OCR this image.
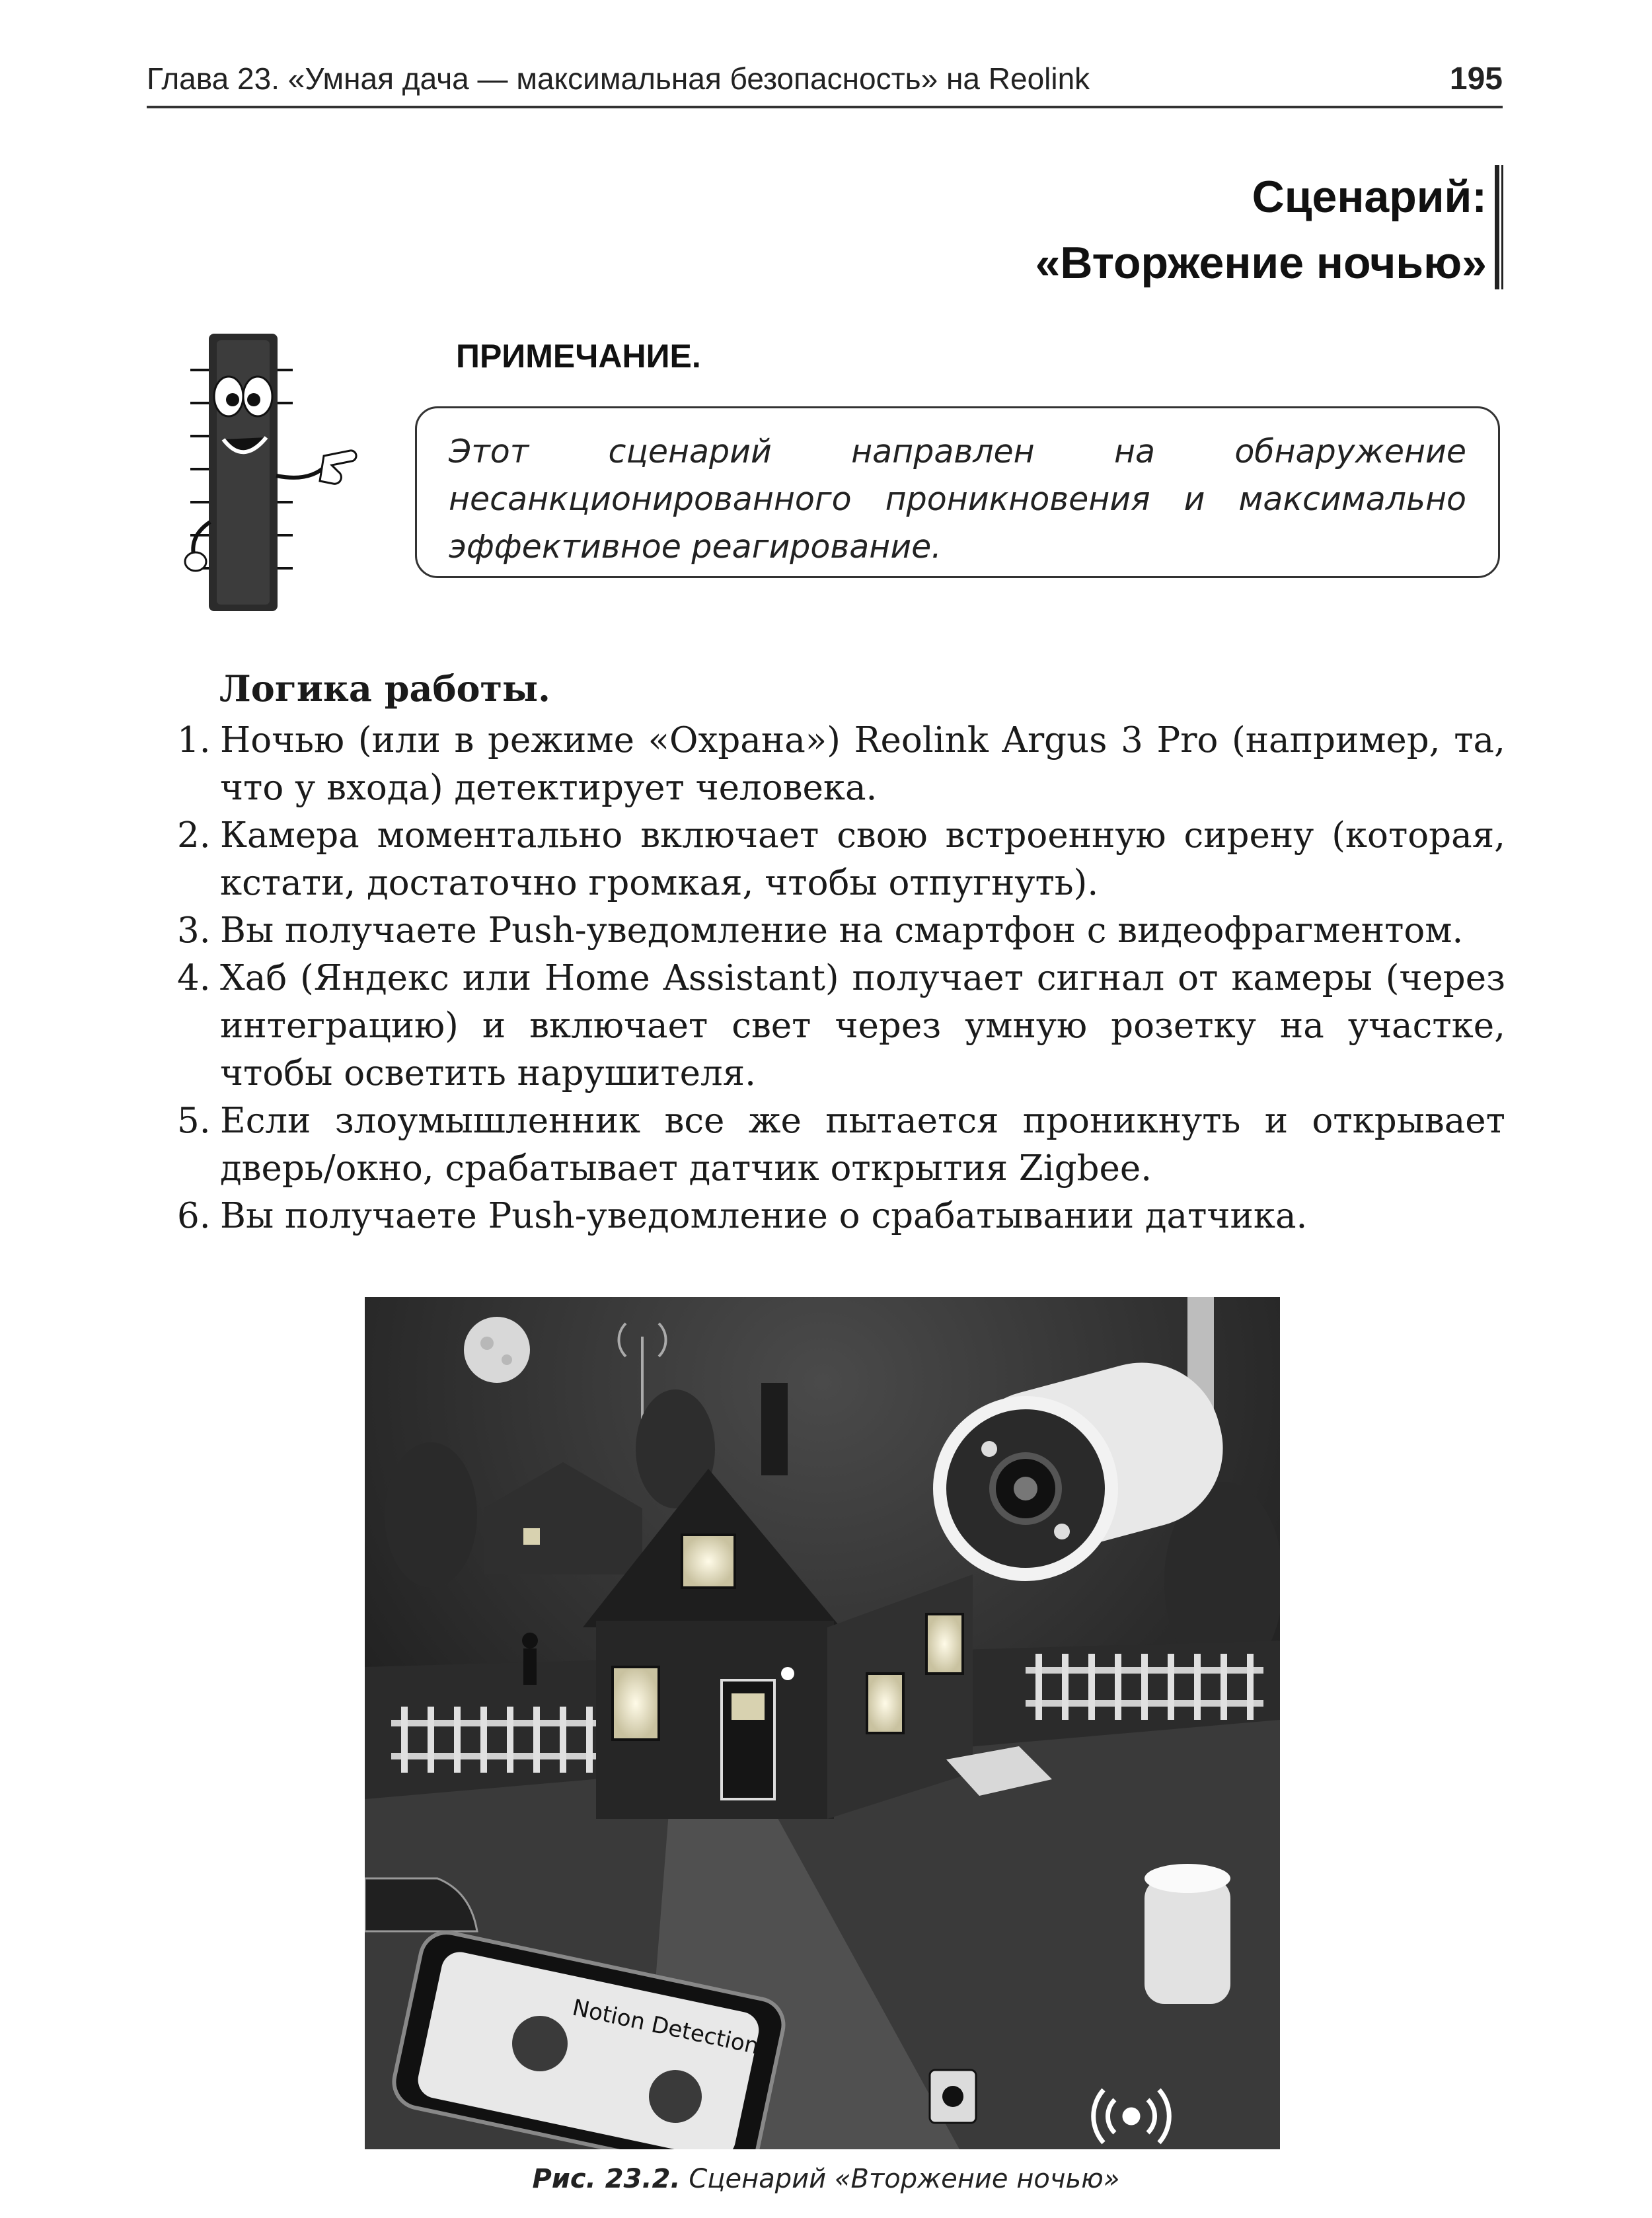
Глава 23. «Умная дача — максимальная безопасность» на Reolink	195
Сценарий:
«Вторжение ночью»
ПРИМЕЧАНИЕ.
Этот сценарий направлен на обнаружение несанкционированного проникновения и максимально эффективное реагирование.
Логика работы.
1. Ночью (или в режиме «Охрана») Reolink Argus 3 Pro (например, та, что у входа) детектирует человека.
2. Камера моментально включает свою встроенную сирену (которая, кстати, достаточно громкая, чтобы отпугнуть).
3. Вы получаете Push-уведомление на смартфон с видеофрагментом.
4. Хаб (Яндекс или Home Assistant) получает сигнал от камеры (через интеграцию) и включает свет через умную розетку на участке, чтобы осветить нарушителя.
5. Если злоумышленник все же пытается проникнуть и открывает дверь/окно, срабатывает датчик открытия Zigbee.
6. Вы получаете Push-уведомление о срабатывании датчика.
Notion Detection
Рис. 23.2. Сценарий «Вторжение ночью»
